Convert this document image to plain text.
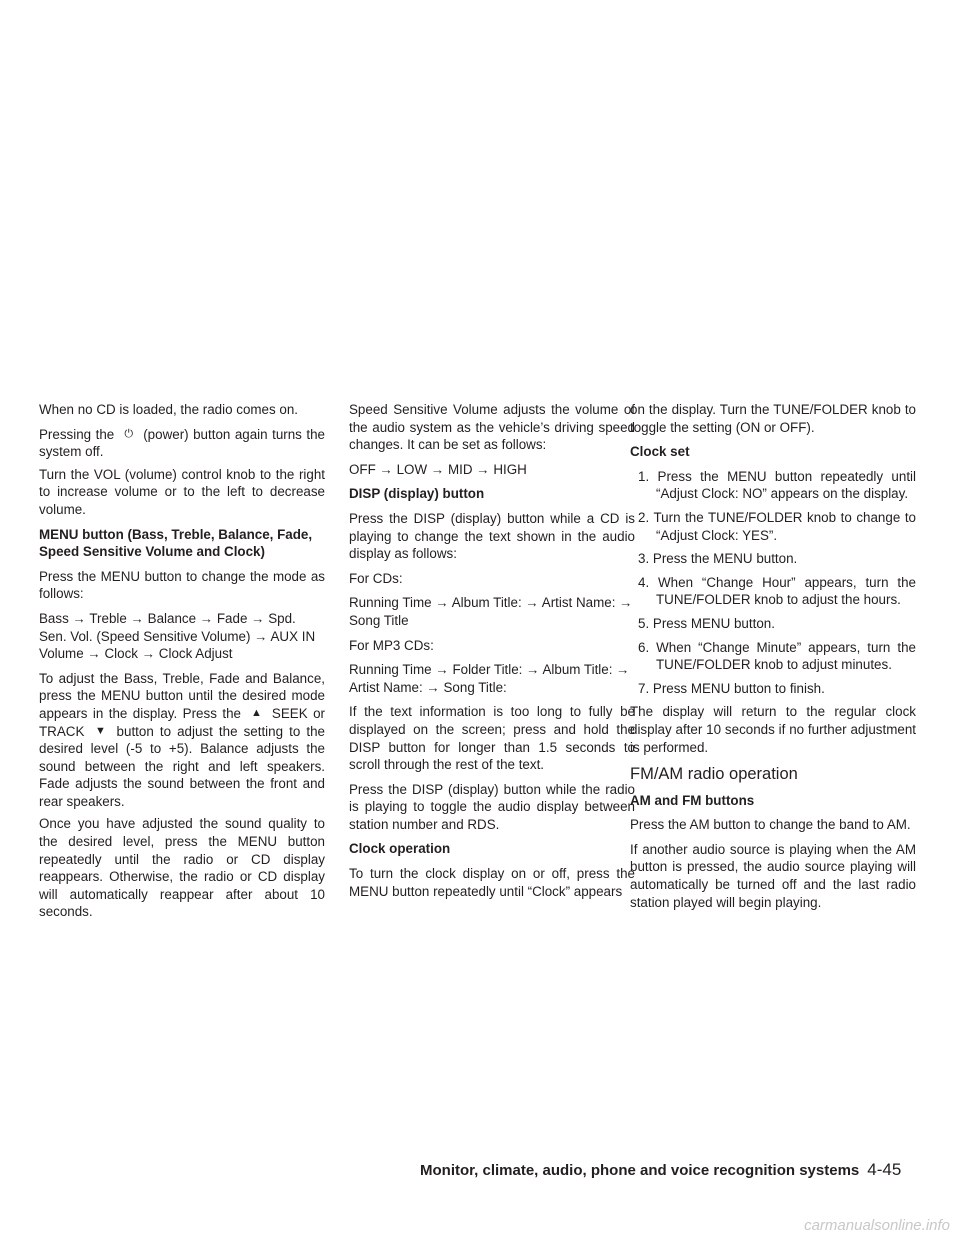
When no CD is loaded, the radio comes on.

Pressing the ⏻ (power) button again turns the system off.

Turn the VOL (volume) control knob to the right to increase volume or to the left to decrease volume.

MENU button (Bass, Treble, Balance, Fade, Speed Sensitive Volume and Clock)

Press the MENU button to change the mode as follows:

Bass → Treble → Balance → Fade → Spd. Sen. Vol. (Speed Sensitive Volume) → AUX IN Volume → Clock → Clock Adjust

To adjust the Bass, Treble, Fade and Balance, press the MENU button until the desired mode appears in the display. Press the ▲ SEEK or TRACK ▼ button to adjust the setting to the desired level (-5 to +5). Balance adjusts the sound between the right and left speakers. Fade adjusts the sound between the front and rear speakers.

Once you have adjusted the sound quality to the desired level, press the MENU button repeatedly until the radio or CD display reappears. Otherwise, the radio or CD display will automatically reappear after about 10 seconds.

Speed Sensitive Volume adjusts the volume of the audio system as the vehicle’s driving speed changes. It can be set as follows:

OFF → LOW → MID → HIGH

DISP (display) button

Press the DISP (display) button while a CD is playing to change the text shown in the audio display as follows:

For CDs:

Running Time → Album Title: → Artist Name: → Song Title

For MP3 CDs:

Running Time → Folder Title: → Album Title: → Artist Name: → Song Title:

If the text information is too long to fully be displayed on the screen; press and hold the DISP button for longer than 1.5 seconds to scroll through the rest of the text.

Press the DISP (display) button while the radio is playing to toggle the audio display between station number and RDS.

Clock operation

To turn the clock display on or off, press the MENU button repeatedly until “Clock” appears

on the display. Turn the TUNE/FOLDER knob to toggle the setting (ON or OFF).

Clock set

1. Press the MENU button repeatedly until “Adjust Clock: NO” appears on the display.
2. Turn the TUNE/FOLDER knob to change to “Adjust Clock: YES”.
3. Press the MENU button.
4. When “Change Hour” appears, turn the TUNE/FOLDER knob to adjust the hours.
5. Press MENU button.
6. When “Change Minute” appears, turn the TUNE/FOLDER knob to adjust minutes.
7. Press MENU button to finish.

The display will return to the regular clock display after 10 seconds if no further adjustment is performed.

FM/AM radio operation

AM and FM buttons

Press the AM button to change the band to AM.

If another audio source is playing when the AM button is pressed, the audio source playing will automatically be turned off and the last radio station played will begin playing.

Monitor, climate, audio, phone and voice recognition systems 4-45
carmanualsonline.info
